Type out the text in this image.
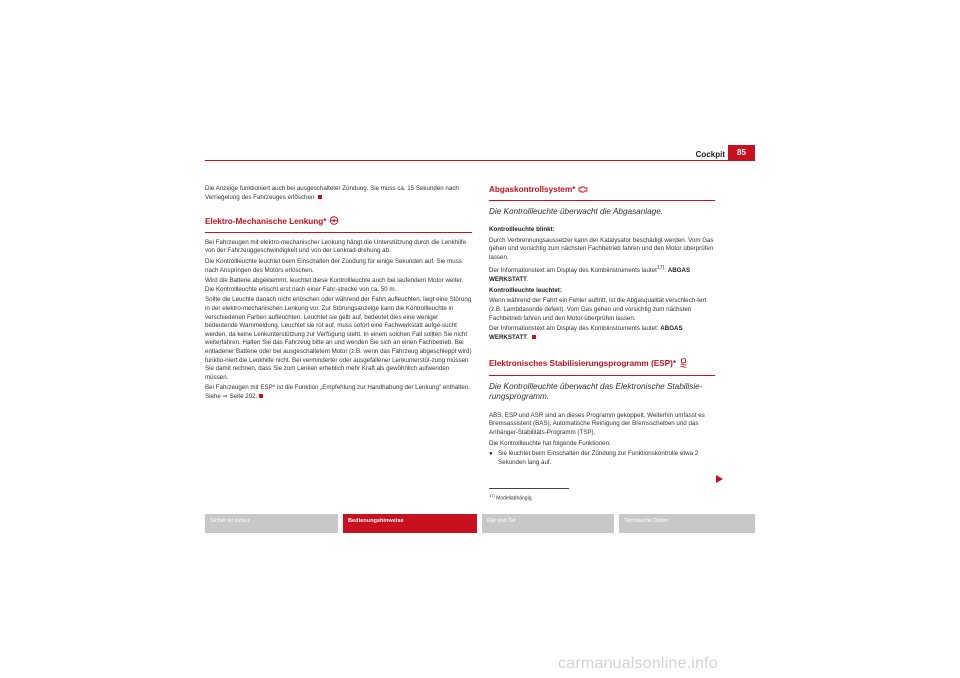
Cockpit	85

Die Anzeige funktioniert auch bei ausgeschalteter Zündung. Sie muss ca. 15 Sekunden nach Verriegelung des Fahrzeuges erlöschen.

Elektro-Mechanische Lenkung*	!

Bei Fahrzeugen mit elektro-mechanischer Lenkung hängt die Unterstützung durch die Lenkhilfe von der Fahrzeuggeschwindigkeit und von der Lenkrad-drehung ab.

Die Kontrollleuchte leuchtet beim Einschalten der Zündung für einige Sekunden auf. Sie muss nach Anspringen des Motors erlöschen.

Wird die Batterie abgeklemmt, leuchtet diese Kontrollleuchte auch bei laufendem Motor weiter. Die Kontrollleuchte erlischt erst nach einer Fahr-strecke von ca. 50 m.

Sollte die Leuchte danach nicht erlöschen oder während der Fahrt aufleuchten, liegt eine Störung in der elektro-mechanischen Lenkung vor. Zur Störungsanzeige kann die Kontrollleuchte in verschiedenen Farben aufleuchten. Leuchtet sie gelb auf, bedeutet dies eine weniger bedeutende Warnmeldung. Leuchtet sie rot auf, muss sofort eine Fachwerkstatt aufge-sucht werden, da keine Lenkunterstützung zur Verfügung steht. In einem solchen Fall sollten Sie nicht weiterfahren. Halten Sie das Fahrzeug bitte an und wenden Sie sich an einen Fachbetrieb. Bei entladener Batterie oder bei ausgeschaltetem Motor (z.B. wenn das Fahrzeug abgeschleppt wird) funktio-niert die Lenkhilfe nicht. Bei verminderter oder ausgefallener Lenkunterstüt-zung müssen Sie damit rechnen, dass Sie zum Lenken erheblich mehr Kraft als gewöhnlich aufwenden müssen.

Bei Fahrzeugen mit ESP* ist die Funktion „Empfehlung zur Handhabung der Lenkung" enthalten. Siehe ⇒ Seite 202.

Abgaskontrollsystem*
Die Kontrollleuchte überwacht die Abgasanlage.

Kontrollleuchte blinkt:

Durch Verbrennungsaussetzer kann der Katalysator beschädigt werden. Vom Gas gehen und vorsichtig zum nächsten Fachbetrieb fahren und den Motor überprüfen lassen.

Der Informationstext am Display des Kombiinstruments lautet$^{17)}$: ABGAS WERKSTATT.

Kontrollleuchte leuchtet:

Wenn während der Fahrt ein Fehler auftritt, ist die Abgasqualität verschlech-tert (z.B. Lambdasonde defekt). Vom Gas gehen und vorsichtig zum nächsten Fachbetrieb fahren und den Motor überprüfen lassen.

Der Informationstext am Display des Kombiinstruments lautet: ABGAS WERKSTATT.

Elektronisches Stabilisierungsprogramm (ESP)*
Die Kontrollleuchte überwacht das Elektronische Stabilisie-rungsprogramm.

ABS, ESP und ASR sind an dieses Programm gekoppelt. Weiterhin umfasst es Bremsassistent (BAS), Automatische Reinigung der Bremsscheiben und das Anhänger-Stabilitäts-Programm (TSP).

Die Kontrollleuchte hat folgende Funktionen:

● Sie leuchtet beim Einschalten der Zündung zur Funktionskontrolle etwa 2 Sekunden lang auf.
$^{17)}$ Modellabhängig.
Sicher ist sicher	Bedienungshinweise	Rat und Tat	Technische Daten
carmanualsonline.info
